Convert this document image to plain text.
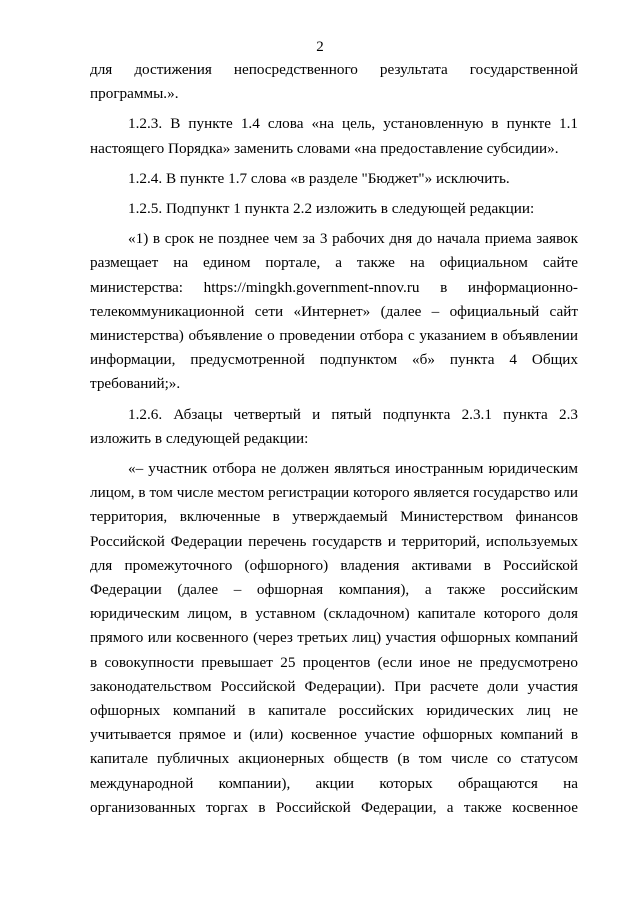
2

для достижения непосредственного результата государственной программы.».

1.2.3. В пункте 1.4 слова «на цель, установленную в пункте 1.1 настоящего Порядка» заменить словами «на предоставление субсидии».

1.2.4. В пункте 1.7 слова «в разделе "Бюджет"» исключить.

1.2.5. Подпункт 1 пункта 2.2 изложить в следующей редакции:

«1) в срок не позднее чем за 3 рабочих дня до начала приема заявок размещает на едином портале, а также на официальном сайте министерства: https://mingkh.government-nnov.ru в информационно-телекоммуникационной сети «Интернет» (далее – официальный сайт министерства) объявление о проведении отбора с указанием в объявлении информации, предусмотренной подпунктом «б» пункта 4 Общих требований;».

1.2.6. Абзацы четвертый и пятый подпункта 2.3.1 пункта 2.3 изложить в следующей редакции:

«– участник отбора не должен являться иностранным юридическим лицом, в том числе местом регистрации которого является государство или территория, включенные в утверждаемый Министерством финансов Российской Федерации перечень государств и территорий, используемых для промежуточного (офшорного) владения активами в Российской Федерации (далее – офшорная компания), а также российским юридическим лицом, в уставном (складочном) капитале которого доля прямого или косвенного (через третьих лиц) участия офшорных компаний в совокупности превышает 25 процентов (если иное не предусмотрено законодательством Российской Федерации). При расчете доли участия офшорных компаний в капитале российских юридических лиц не учитывается прямое и (или) косвенное участие офшорных компаний в капитале публичных акционерных обществ (в том числе со статусом международной компании), акции которых обращаются на организованных торгах в Российской Федерации, а также косвенное
